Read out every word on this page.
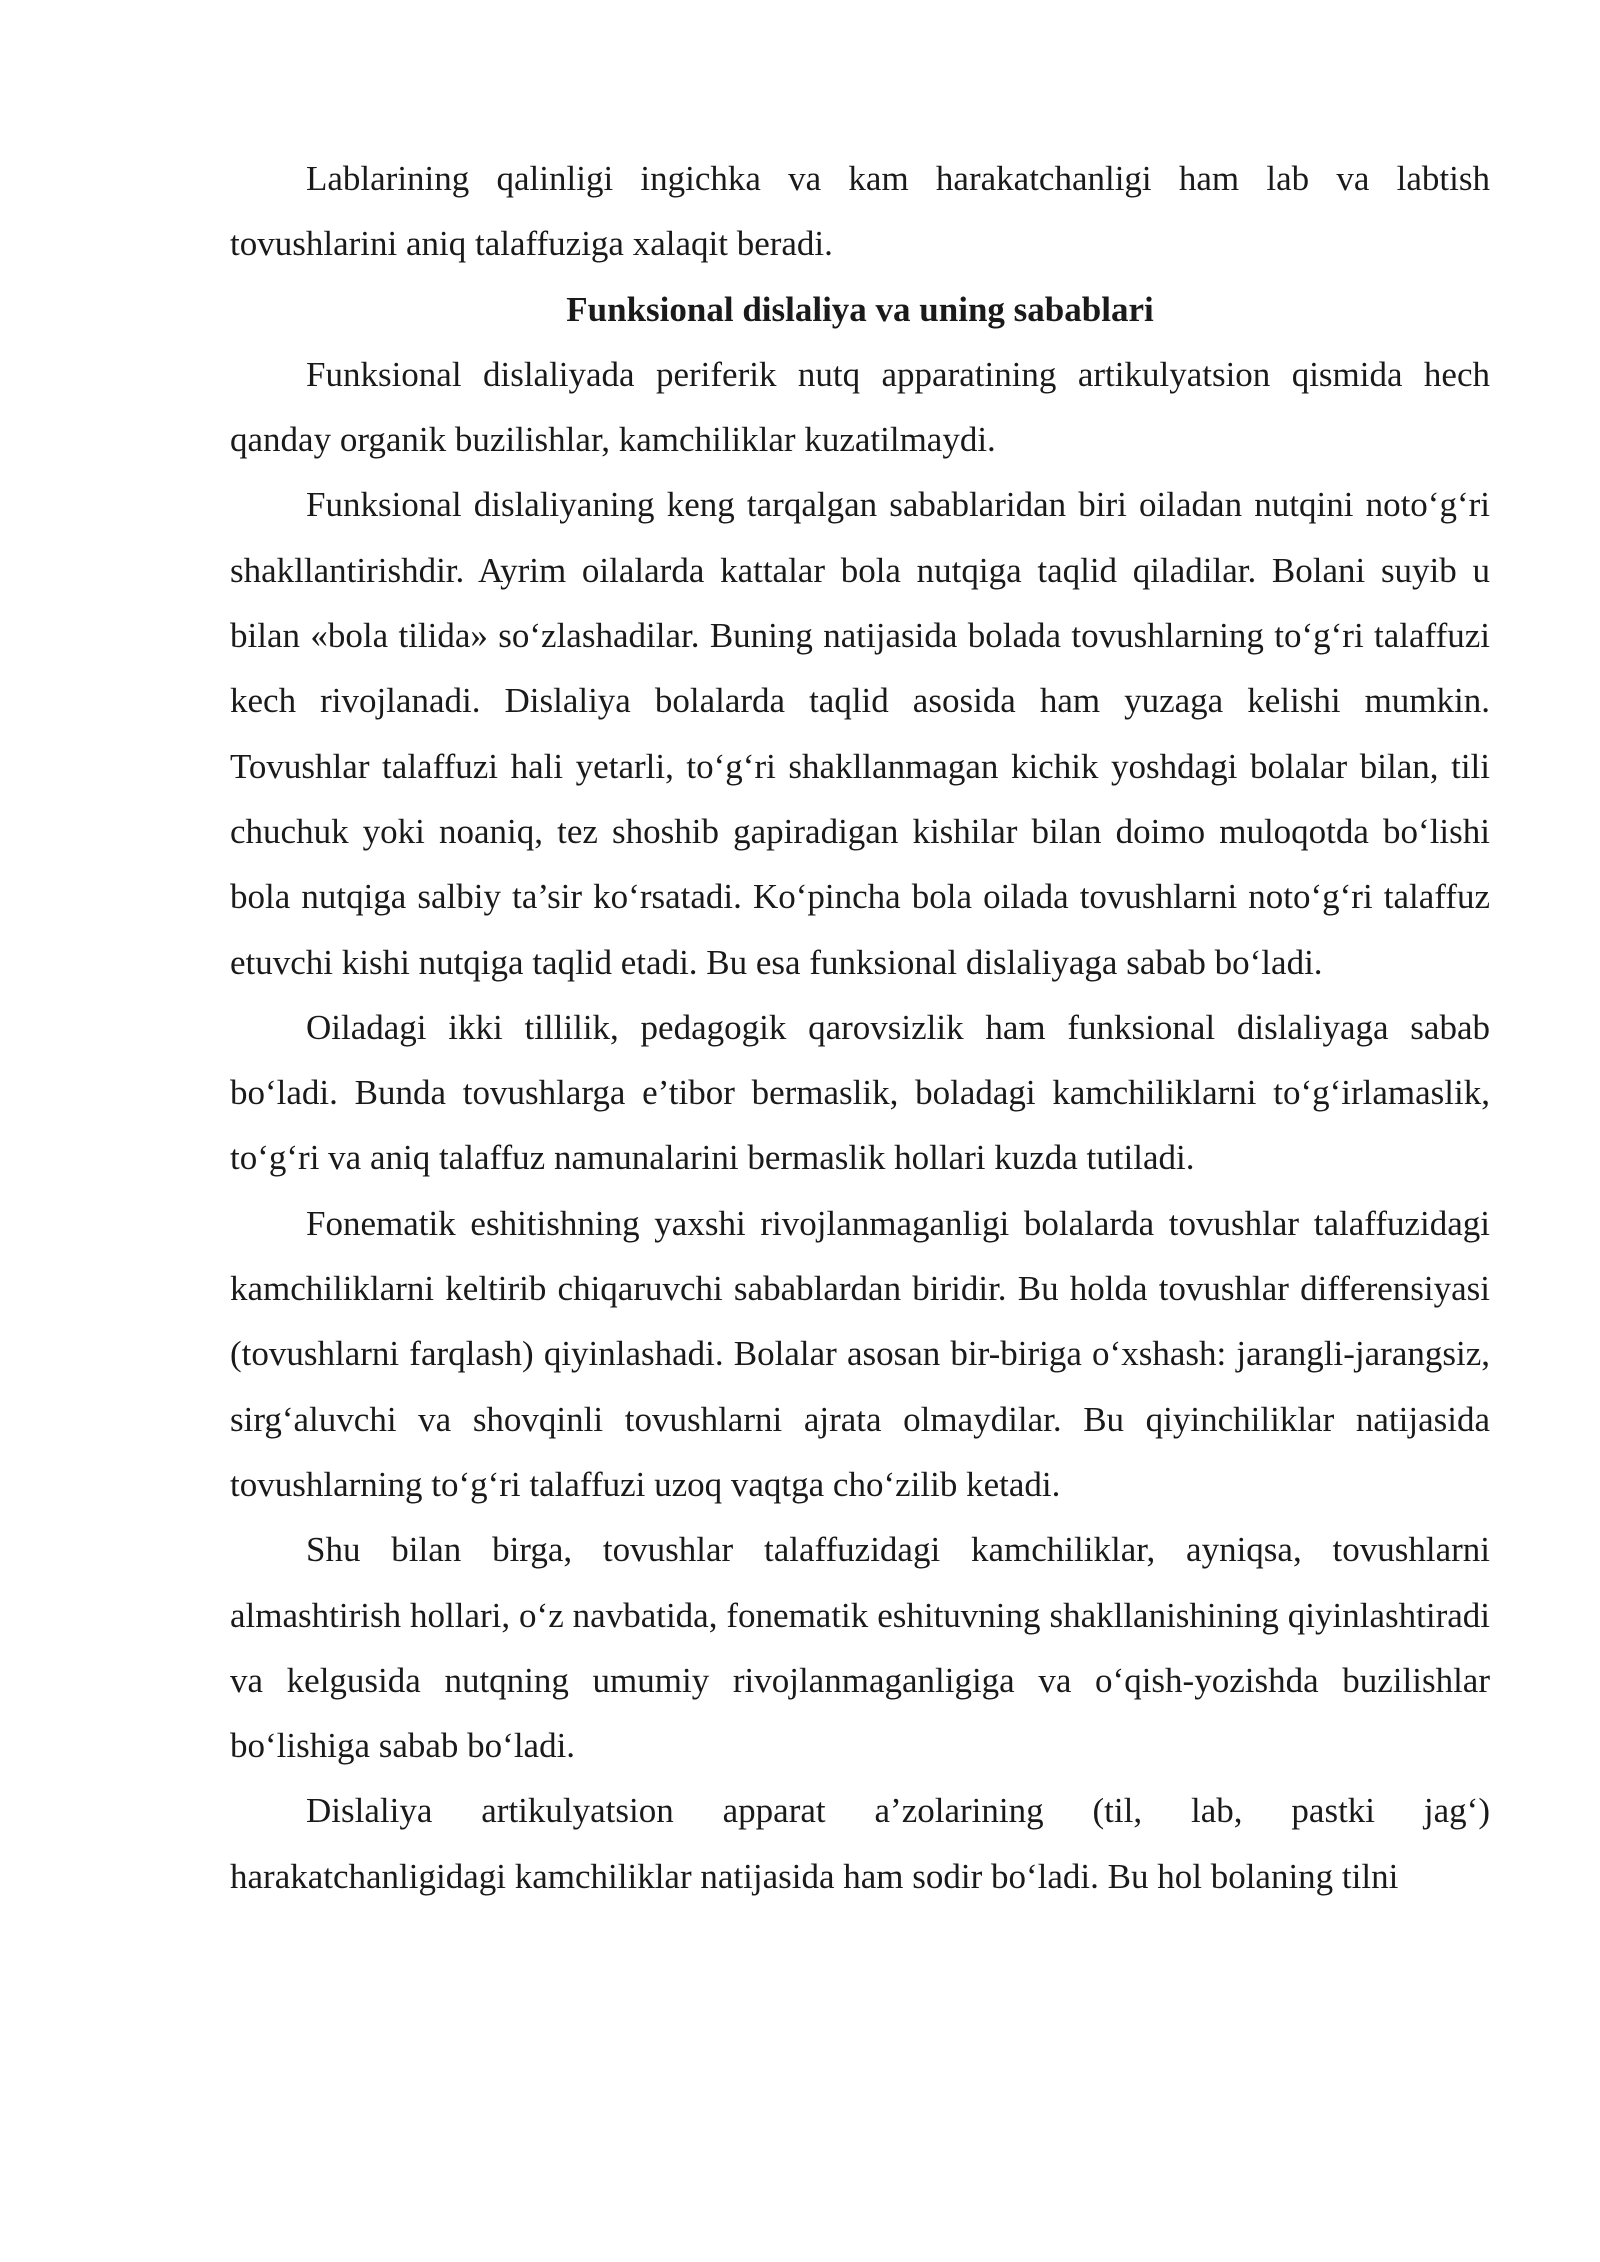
Lablarining qalinligi ingichka va kam harakatchanligi ham lab va labtish tovushlarini aniq talaffuziga xalaqit beradi.

Funksional dislaliya va uning sabablari

Funksional dislaliyada periferik nutq apparatining artikulyatsion qismida hech qanday organik buzilishlar, kamchiliklar kuzatilmaydi.

Funksional dislaliyaning keng tarqalgan sabablaridan biri oiladan nutqini noto‘g‘ri shakllantirishdir. Ayrim oilalarda kattalar bola nutqiga taqlid qiladilar. Bolani suyib u bilan «bola tilida» so‘zlashadilar. Buning natijasida bolada tovushlarning to‘g‘ri talaffuzi kech rivojlanadi. Dislaliya bolalarda taqlid asosida ham yuzaga kelishi mumkin. Tovushlar talaffuzi hali yetarli, to‘g‘ri shakllanmagan kichik yoshdagi bolalar bilan, tili chuchuk yoki noaniq, tez shoshib gapiradigan kishilar bilan doimo muloqotda bo‘lishi bola nutqiga salbiy ta’sir ko‘rsatadi. Ko‘pincha bola oilada tovushlarni noto‘g‘ri talaffuz etuvchi kishi nutqiga taqlid etadi. Bu esa funksional dislaliyaga sabab bo‘ladi.

Oiladagi ikki tillilik, pedagogik qarovsizlik ham funksional dislaliyaga sabab bo‘ladi. Bunda tovushlarga e’tibor bermaslik, boladagi kamchiliklarni to‘g‘irlamaslik, to‘g‘ri va aniq talaffuz namunalarini bermaslik hollari kuzda tutiladi.

Fonematik eshitishning yaxshi rivojlanmaganligi bolalarda tovushlar talaffuzidagi kamchiliklarni keltirib chiqaruvchi sabablardan biridir. Bu holda tovushlar differensiyasi (tovushlarni farqlash) qiyinlashadi. Bolalar asosan bir-biriga o‘xshash: jarangli-jarangsiz, sirg‘aluvchi va shovqinli tovushlarni ajrata olmaydilar. Bu qiyinchiliklar natijasida tovushlarning to‘g‘ri talaffuzi uzoq vaqtga cho‘zilib ketadi.

Shu bilan birga, tovushlar talaffuzidagi kamchiliklar, ayniqsa, tovushlarni almashtirish hollari, o‘z navbatida, fonematik eshituvning shakllanishining qiyinlashtiradi va kelgusida nutqning umumiy rivojlanmaganligiga va o‘qish-yozishda buzilishlar bo‘lishiga sabab bo‘ladi.

Dislaliya artikulyatsion apparat a’zolarining (til, lab, pastki jag‘) harakatchanligidagi kamchiliklar natijasida ham sodir bo‘ladi. Bu hol bolaning tilni
